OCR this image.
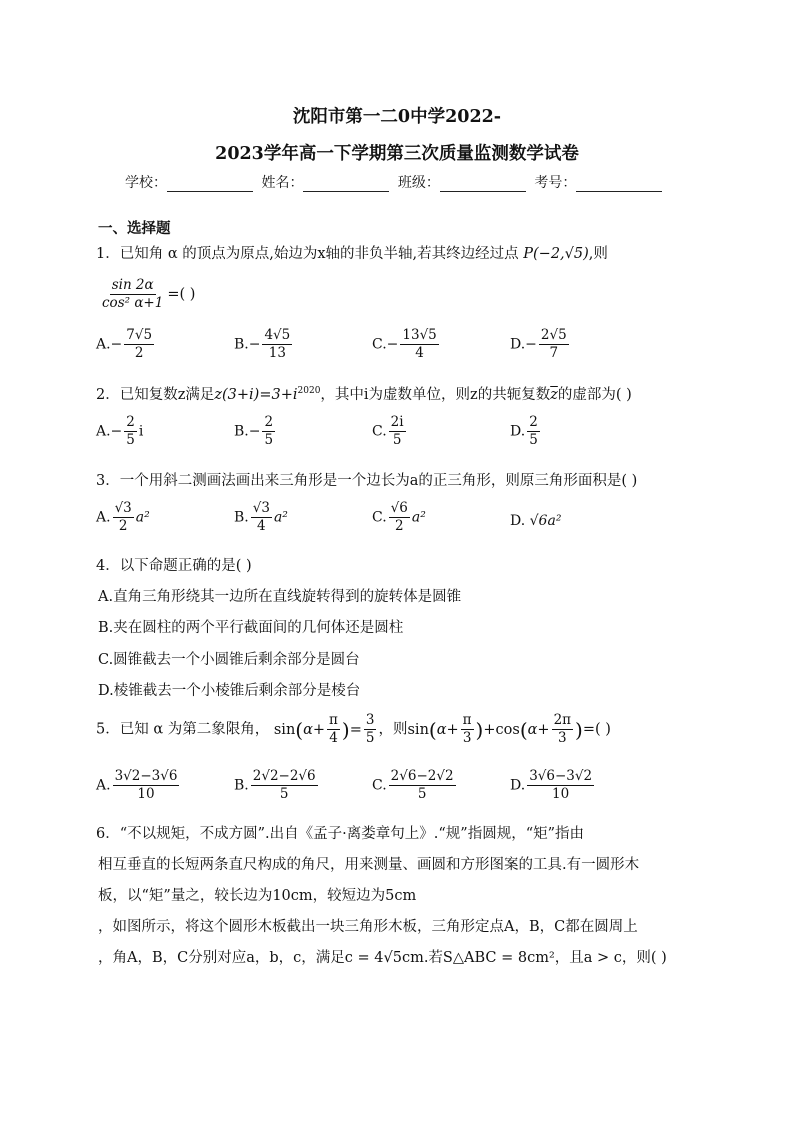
沈阳市第一二0中学2022-
2023学年高一下学期第三次质量监测数学试卷
学校：	姓名：	班级：	考号：
一、选择题
1．已知角 α 的顶点为原点,始边为x轴的非负半轴,若其终边经过点 P(−2,√5),则
$\frac{\sin 2\alpha}{\text{cos² α+1}}$ =( )
$A.- \frac{7√5}{2}$	$B.- \frac{4√5}{13}$	$C.- \frac{13√5}{4}$	$D.- \frac{2√5}{7}$
2．已知复数z满足$z(3+i)=3+i^{2020}$，其中i为虚数单位，则z的共轭复数$\overline{z}$的虚部为( )
$A.- \frac{2}{5}$ i	$B.- \frac{2}{5}$	C. $\frac{2i}{5}$	D. $\frac{2}{5}$
3．一个用斜二测画法画出来三角形是一个边长为a的正三角形，则原三角形面积是( )
A. $\frac{√3}{2} a^2$	B. $\frac{√3}{4} a^2$	C. $\frac{√6}{2} a^2$	D. √6a²
4．以下命题正确的是( )
A.直角三角形绕其一边所在直线旋转得到的旋转体是圆锥
B.夹在圆柱的两个平行截面间的几何体还是圆柱
C.圆锥截去一个小圆锥后剩余部分是圆台
D.棱锥截去一个小棱锥后剩余部分是棱台
5．已知 α 为第二象限角， $\sin(\alpha+ \frac{\pi}{4}$ )= $\frac{3}{5}$ ，则$\sin(\alpha+ \frac{\pi}{3} )+\cos(\alpha+ \frac{2\pi}{3}$ )=( )
A. $\frac{3√2-3√6}{10}$	B. $\frac{2√2-2√6}{5}$	C. $\frac{2√6-2√2}{5}$	D. $\frac{3√6-3√2}{10}$
6．“不以规矩，不成方圆”.出自《孟子·离娄章句上》.“规”指圆规，“矩”指由
相互垂直的长短两条直尺构成的角尺，用来测量、画圆和方形图案的工具.有一圆形木
板，以“矩”量之，较长边为10cm，较短边为5cm
，如图所示，将这个圆形木板截出一块三角形木板，三角形定点A，B，C都在圆周上
，角A，B，C分别对应a，b，c，满足c = 4√5cm.若S△ABC = 8cm²，且a > c，则( )
